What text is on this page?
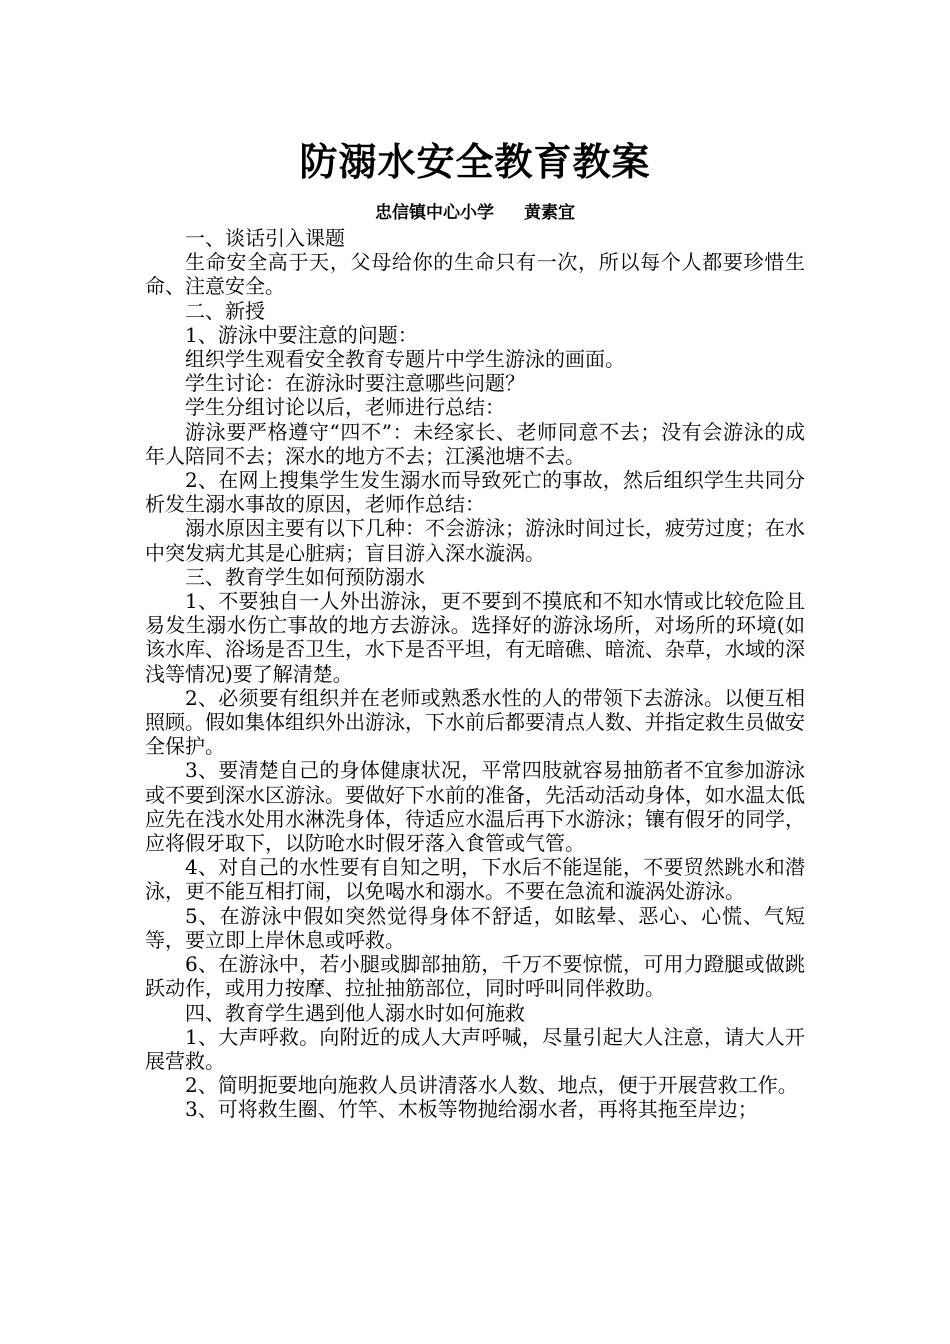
防溺水安全教育教案

忠信镇中心小学 黄素宜

一、谈话引入课题

生命安全高于天，父母给你的生命只有一次，所以每个人都要珍惜生命、注意安全。

二、新授

1、游泳中要注意的问题：

组织学生观看安全教育专题片中学生游泳的画面。

学生讨论：在游泳时要注意哪些问题？

学生分组讨论以后，老师进行总结：

游泳要严格遵守“四不”：未经家长、老师同意不去；没有会游泳的成年人陪同不去；深水的地方不去；江溪池塘不去。

2、在网上搜集学生发生溺水而导致死亡的事故，然后组织学生共同分析发生溺水事故的原因，老师作总结：

溺水原因主要有以下几种：不会游泳；游泳时间过长，疲劳过度；在水中突发病尤其是心脏病；盲目游入深水漩涡。

三、教育学生如何预防溺水

1、不要独自一人外出游泳，更不要到不摸底和不知水情或比较危险且易发生溺水伤亡事故的地方去游泳。选择好的游泳场所，对场所的环境(如该水库、浴场是否卫生，水下是否平坦，有无暗礁、暗流、杂草，水域的深浅等情况)要了解清楚。

2、必须要有组织并在老师或熟悉水性的人的带领下去游泳。以便互相照顾。假如集体组织外出游泳，下水前后都要清点人数、并指定救生员做安全保护。

3、要清楚自己的身体健康状况，平常四肢就容易抽筋者不宜参加游泳或不要到深水区游泳。要做好下水前的准备，先活动活动身体，如水温太低应先在浅水处用水淋洗身体，待适应水温后再下水游泳；镶有假牙的同学，应将假牙取下，以防呛水时假牙落入食管或气管。

4、对自己的水性要有自知之明，下水后不能逞能，不要贸然跳水和潜泳，更不能互相打闹，以免喝水和溺水。不要在急流和漩涡处游泳。

5、在游泳中假如突然觉得身体不舒适，如眩晕、恶心、心慌、气短等，要立即上岸休息或呼救。

6、在游泳中，若小腿或脚部抽筋，千万不要惊慌，可用力蹬腿或做跳跃动作，或用力按摩、拉扯抽筋部位，同时呼叫同伴救助。

四、教育学生遇到他人溺水时如何施救

1、大声呼救。向附近的成人大声呼喊，尽量引起大人注意，请大人开展营救。

2、简明扼要地向施救人员讲清落水人数、地点，便于开展营救工作。

3、可将救生圈、竹竿、木板等物抛给溺水者，再将其拖至岸边；
